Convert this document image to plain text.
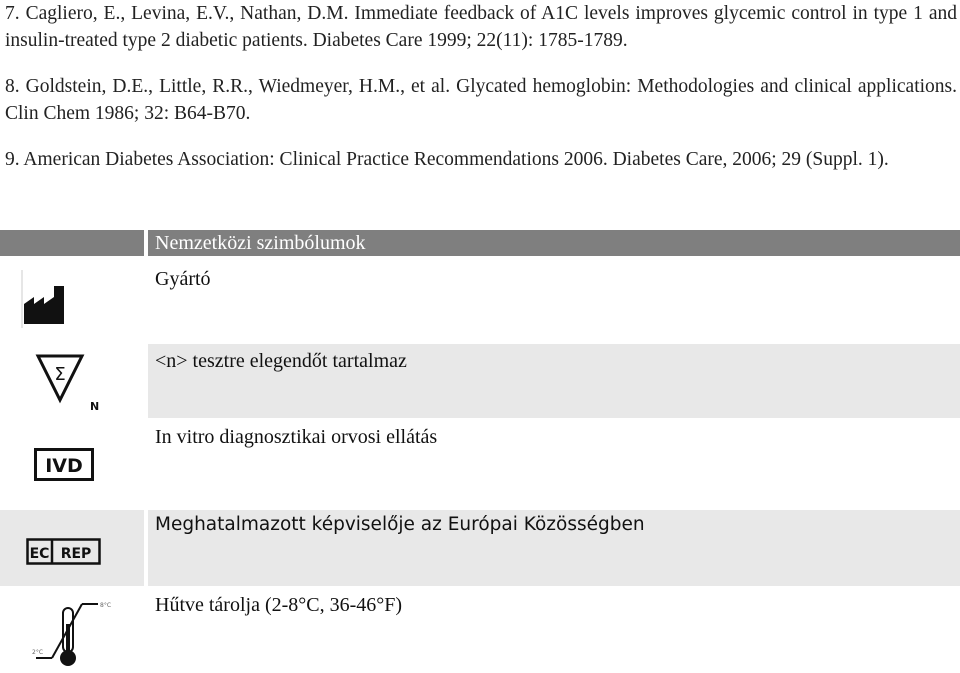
7. Cagliero, E., Levina, E.V., Nathan, D.M. Immediate feedback of A1C levels improves glycemic control in type 1 and insulin-treated type 2 diabetic patients. Diabetes Care 1999; 22(11): 1785-1789.

8. Goldstein, D.E., Little, R.R., Wiedmeyer, H.M., et al. Glycated hemoglobin: Methodologies and clinical applications. Clin Chem 1986; 32: B64-B70.

9. American Diabetes Association: Clinical Practice Recommendations 2006. Diabetes Care, 2006; 29 (Suppl. 1).

Nemzetközi szimbólumok
Gyártó
Σ
N
<n> tesztre elegendőt tartalmaz
IVD
In vitro diagnosztikai orvosi ellátás
EC REP
Meghatalmazott képviselője az Európai Közösségben
8°C
2°C
Hűtve tárolja (2-8°C, 36-46°F)
